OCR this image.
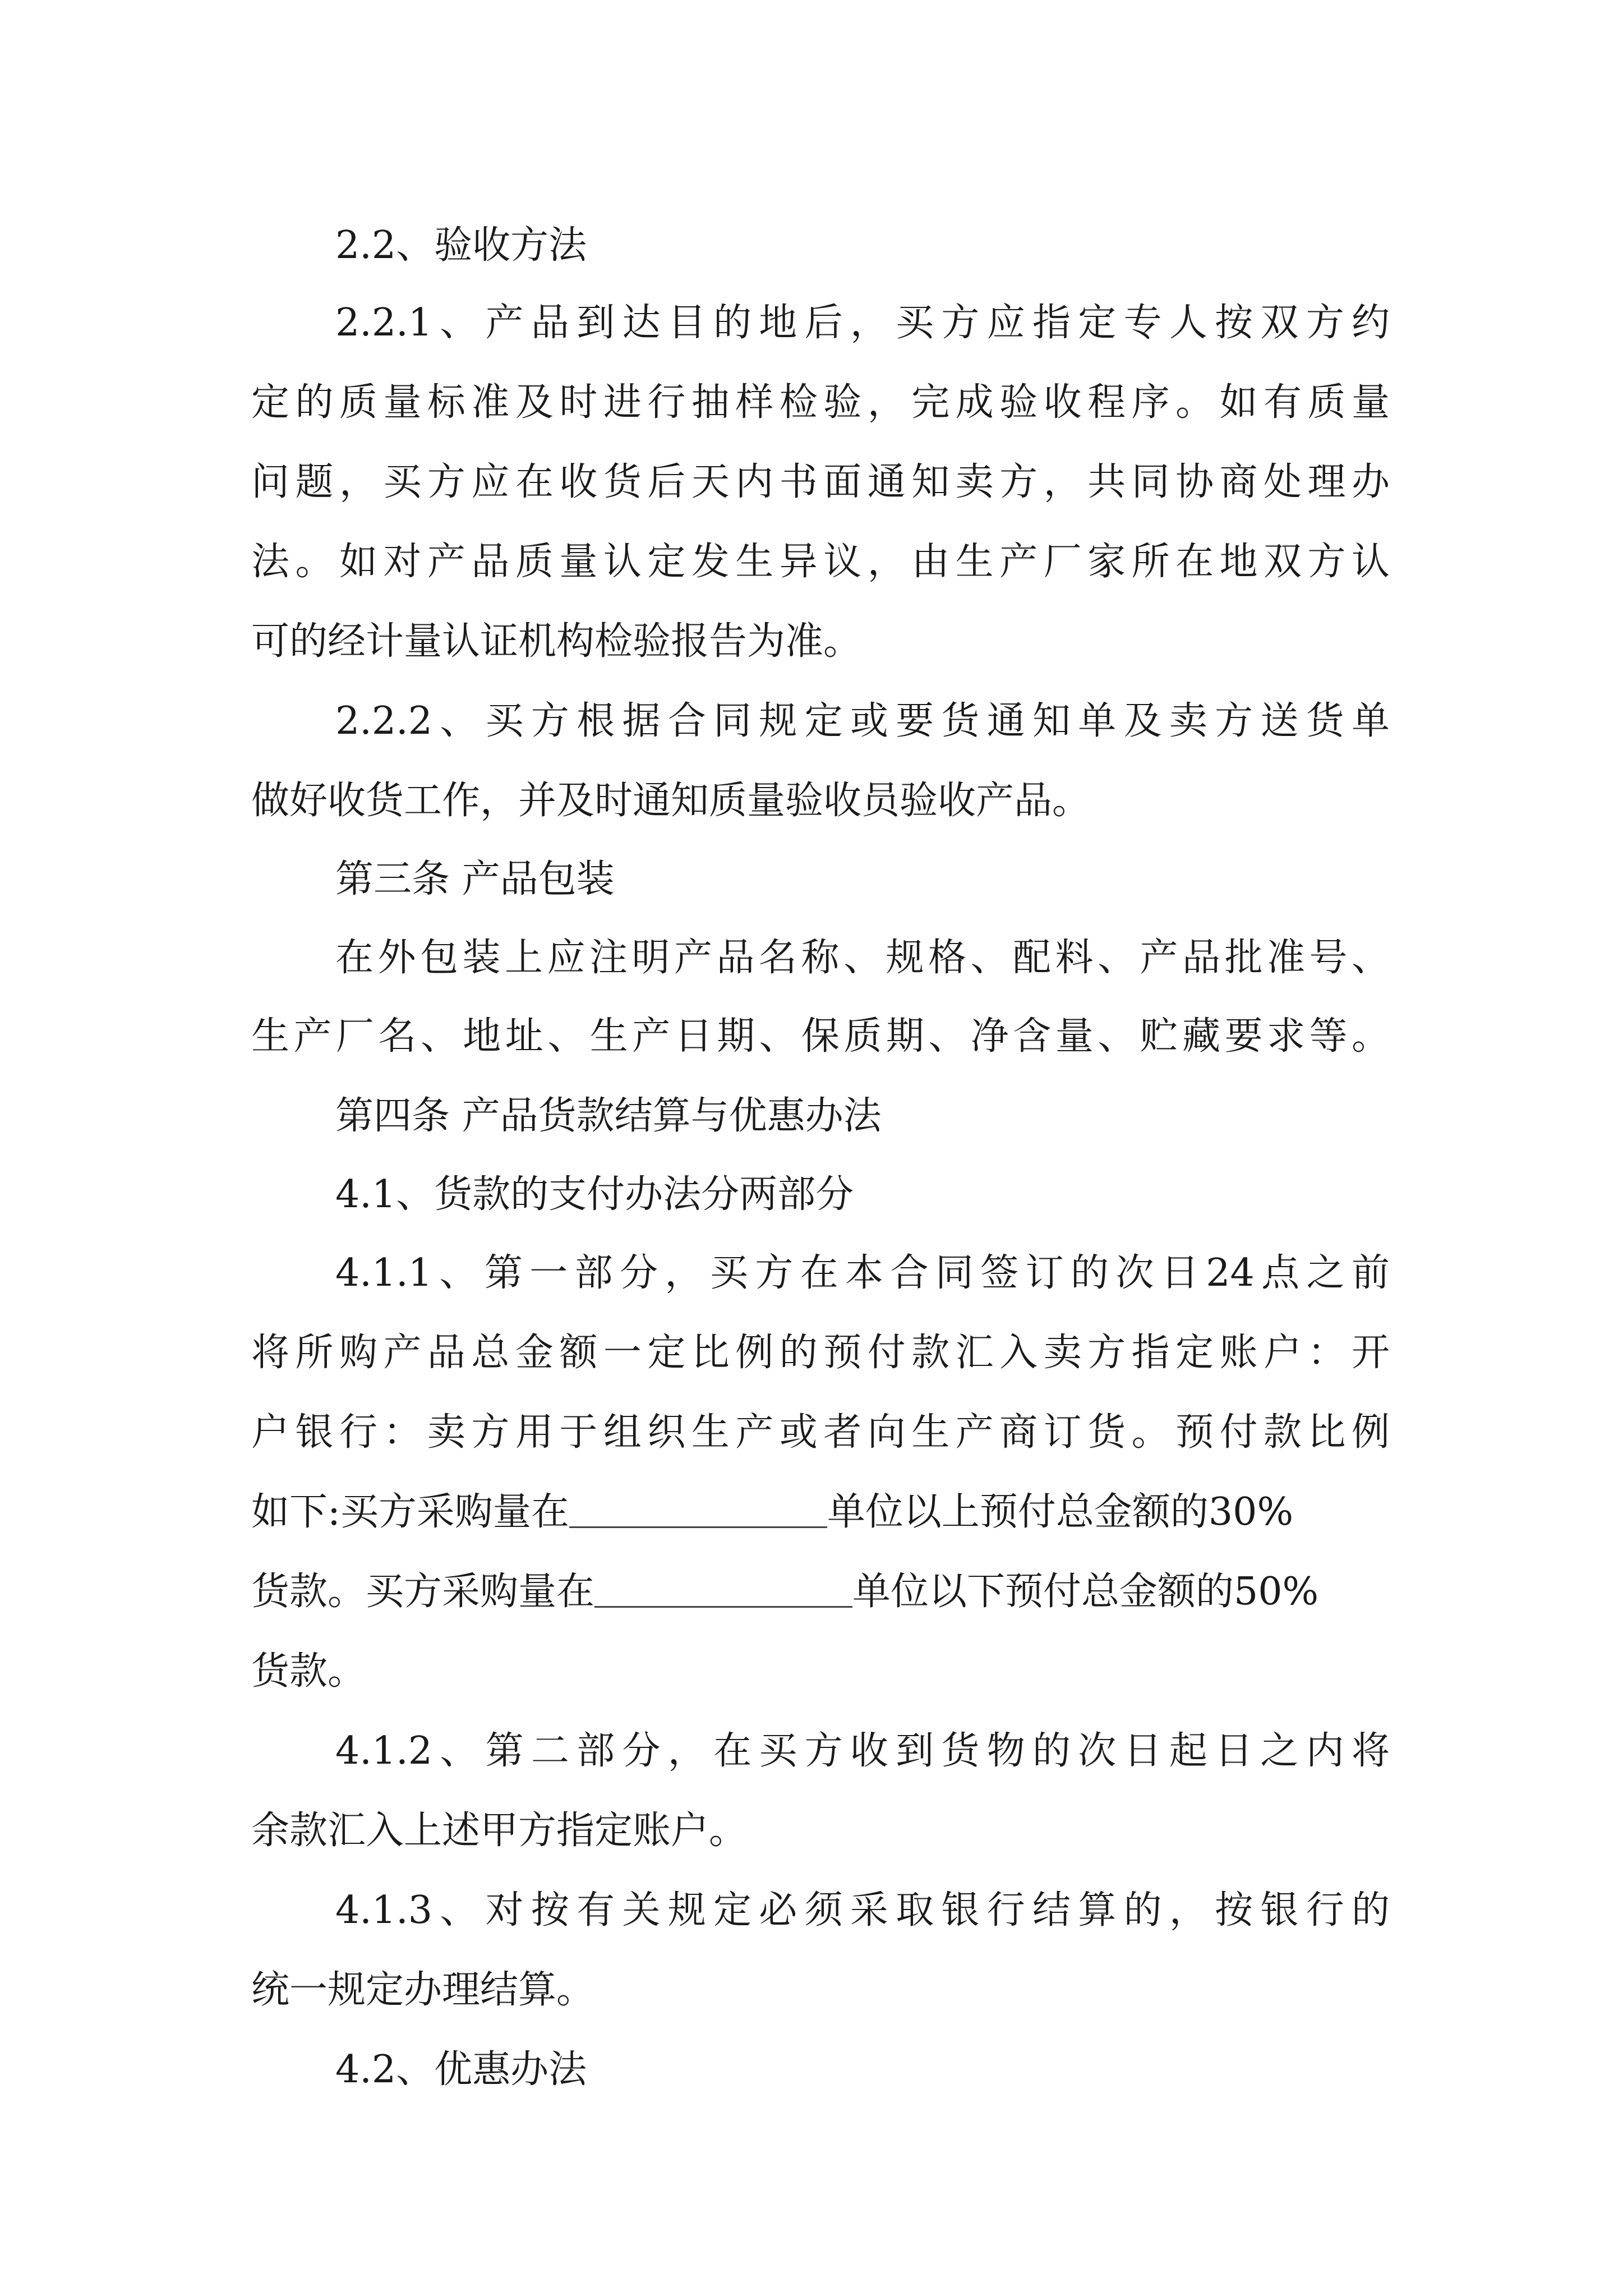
2.2、验收方法
2.2.1、产品到达目的地后，买方应指定专人按双方约
定的质量标准及时进行抽样检验，完成验收程序。如有质量
问题，买方应在收货后天内书面通知卖方，共同协商处理办
法。如对产品质量认定发生异议，由生产厂家所在地双方认
可的经计量认证机构检验报告为准。
2.2.2、买方根据合同规定或要货通知单及卖方送货单
做好收货工作，并及时通知质量验收员验收产品。
第三条 产品包装
在外包装上应注明产品名称、规格、配料、产品批准号、
生产厂名、地址、生产日期、保质期、净含量、贮藏要求等。
第四条 产品货款结算与优惠办法
4.1、货款的支付办法分两部分
4.1.1、第一部分，买方在本合同签订的次日24点之前
将所购产品总金额一定比例的预付款汇入卖方指定账户：开
户银行：卖方用于组织生产或者向生产商订货。预付款比例
如下:买方采购量在	单位以上预付总金额的30%
货款。买方采购量在	单位以下预付总金额的50%
货款。
4.1.2、第二部分，在买方收到货物的次日起日之内将
余款汇入上述甲方指定账户。
4.1.3、对按有关规定必须采取银行结算的，按银行的
统一规定办理结算。
4.2、优惠办法
